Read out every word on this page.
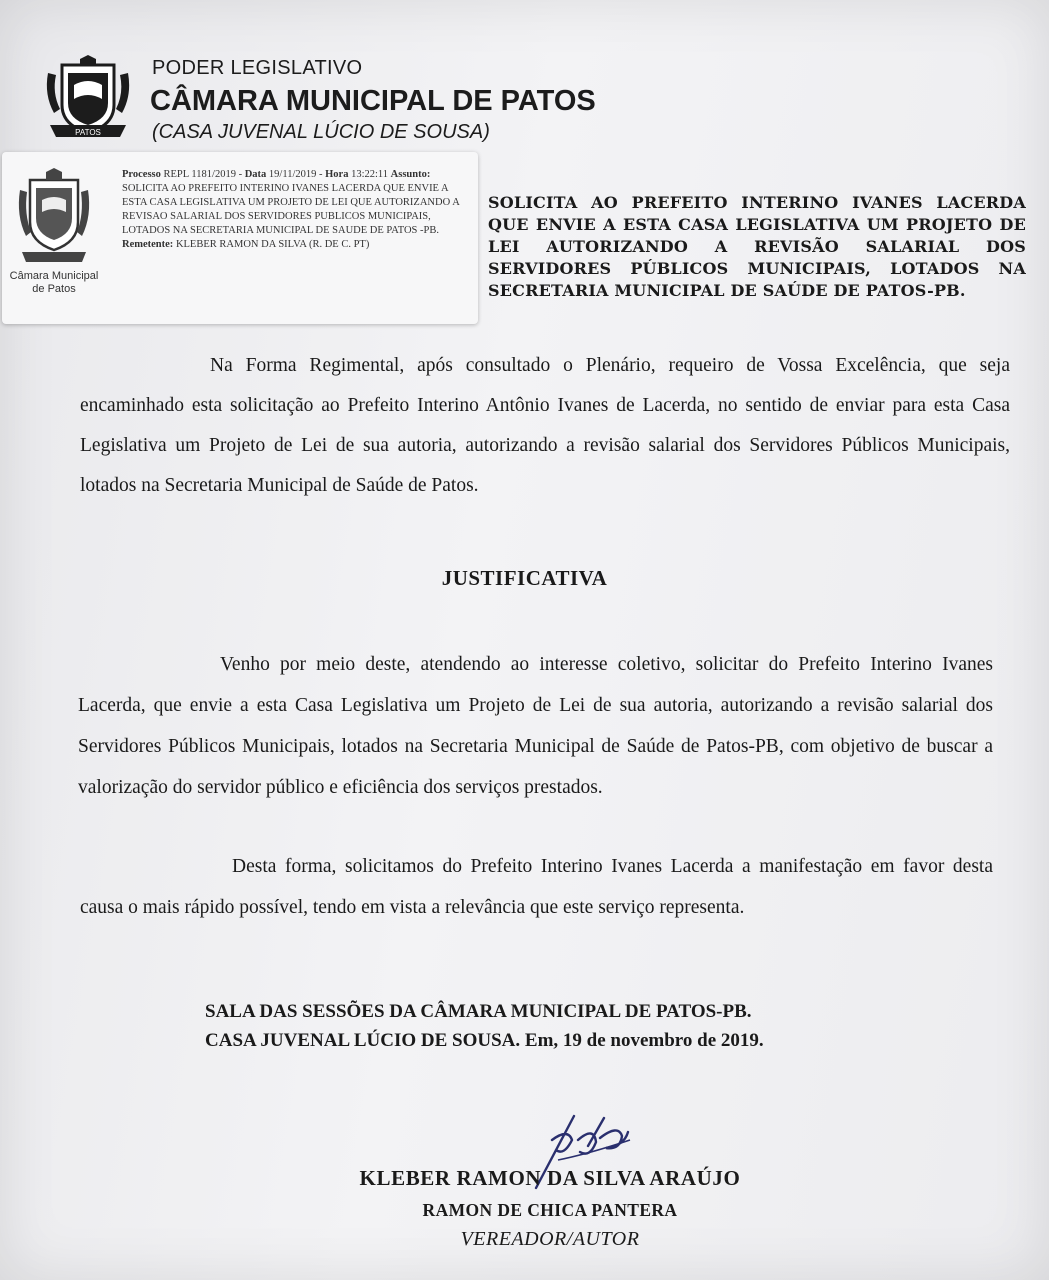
PATOS
PODER LEGISLATIVO
CÂMARA MUNICIPAL DE PATOS
(CASA JUVENAL LÚCIO DE SOUSA)
Câmara Municipal
de Patos
Processo REPL 1181/2019 - Data 19/11/2019 - Hora 13:22:11 Assunto: SOLICITA AO PREFEITO INTERINO IVANES LACERDA QUE ENVIE A ESTA CASA LEGISLATIVA UM PROJETO DE LEI QUE AUTORIZANDO A REVISAO SALARIAL DOS SERVIDORES PUBLICOS MUNICIPAIS, LOTADOS NA SECRETARIA MUNICIPAL DE SAUDE DE PATOS -PB.
Remetente: KLEBER RAMON DA SILVA (R. DE C. PT)
SOLICITA AO PREFEITO INTERINO IVANES LACERDA QUE ENVIE A ESTA CASA LEGISLATIVA UM PROJETO DE LEI AUTORIZANDO A REVISÃO SALARIAL DOS SERVIDORES PÚBLICOS MUNICIPAIS, LOTADOS NA SECRETARIA MUNICIPAL DE SAÚDE DE PATOS-PB.
Na Forma Regimental, após consultado o Plenário, requeiro de Vossa Excelência, que seja encaminhado esta solicitação ao Prefeito Interino Antônio Ivanes de Lacerda, no sentido de enviar para esta Casa Legislativa um Projeto de Lei de sua autoria, autorizando a revisão salarial dos Servidores Públicos Municipais, lotados na Secretaria Municipal de Saúde de Patos.
JUSTIFICATIVA
Venho por meio deste, atendendo ao interesse coletivo, solicitar do Prefeito Interino Ivanes Lacerda, que envie a esta Casa Legislativa um Projeto de Lei de sua autoria, autorizando a revisão salarial dos Servidores Públicos Municipais, lotados na Secretaria Municipal de Saúde de Patos-PB, com objetivo de buscar a valorização do servidor público e eficiência dos serviços prestados.
Desta forma, solicitamos do Prefeito Interino Ivanes Lacerda a manifestação em favor desta causa o mais rápido possível, tendo em vista a relevância que este serviço representa.
SALA DAS SESSÕES DA CÂMARA MUNICIPAL DE PATOS-PB.
CASA JUVENAL LÚCIO DE SOUSA. Em, 19 de novembro de 2019.
KLEBER RAMON DA SILVA ARAÚJO
RAMON DE CHICA PANTERA
VEREADOR/AUTOR
